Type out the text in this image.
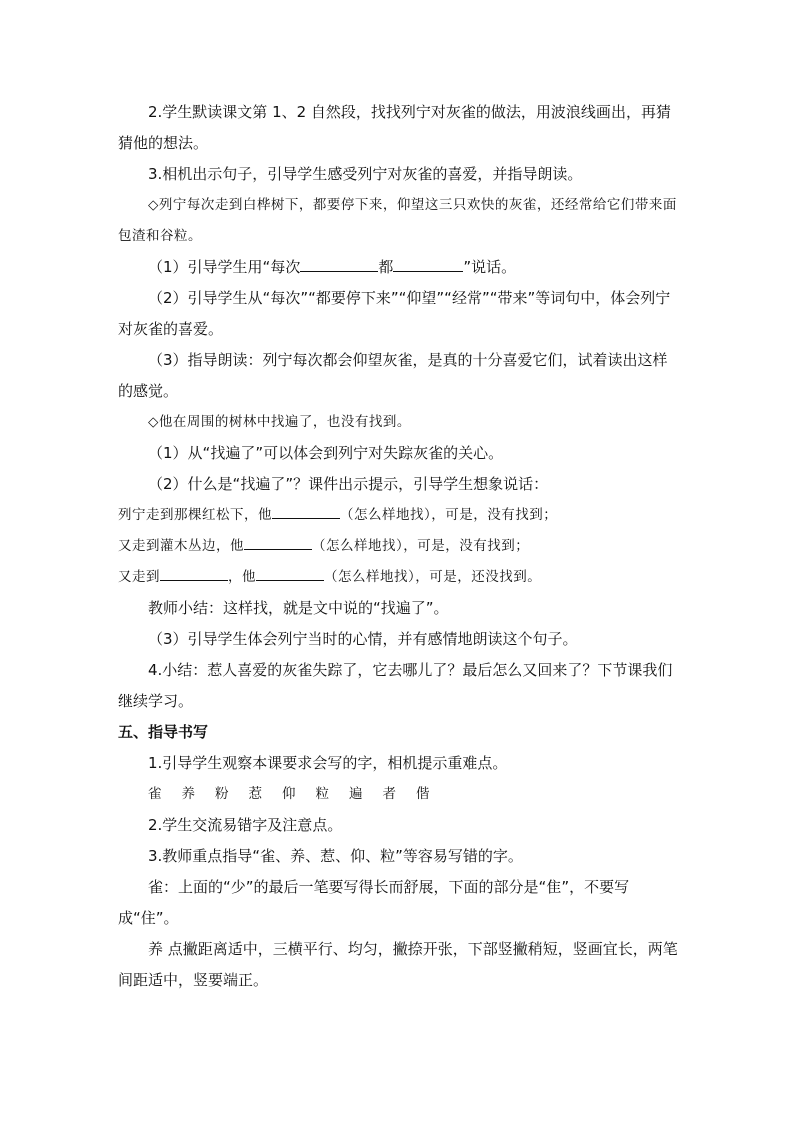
2.学生默读课文第 1、2 自然段，找找列宁对灰雀的做法，用波浪线画出，再猜猜他的想法。

3.相机出示句子，引导学生感受列宁对灰雀的喜爱，并指导朗读。

◇列宁每次走到白桦树下，都要停下来，仰望这三只欢快的灰雀，还经常给它们带来面包渣和谷粒。

（1）引导学生用“每次	都	”说话。

（2）引导学生从“每次”“都要停下来”“仰望”“经常”“带来”等词句中，体会列宁对灰雀的喜爱。

（3）指导朗读：列宁每次都会仰望灰雀，是真的十分喜爱它们，试着读出这样的感觉。

◇他在周围的树林中找遍了，也没有找到。

（1）从“找遍了”可以体会到列宁对失踪灰雀的关心。

（2）什么是“找遍了”？课件出示提示，引导学生想象说话：

列宁走到那棵红松下，他	（怎么样地找），可是，没有找到；

又走到灌木丛边，他	（怎么样地找），可是，没有找到；

又走到	，他	（怎么样地找），可是，还没找到。

教师小结：这样找，就是文中说的“找遍了”。

（3）引导学生体会列宁当时的心情，并有感情地朗读这个句子。

4.小结：惹人喜爱的灰雀失踪了，它去哪儿了？最后怎么又回来了？下节课我们继续学习。

五、指导书写

1.引导学生观察本课要求会写的字，相机提示重难点。

雀 养 粉 惹 仰 粒 遍 者 偕

2.学生交流易错字及注意点。

3.教师重点指导“雀、养、惹、仰、粒”等容易写错的字。

雀：上面的“少”的最后一笔要写得长而舒展，下面的部分是“隹”，不要写成“住”。

养 点撇距离适中，三横平行、均匀，撇捺开张，下部竖撇稍短，竖画宜长，两笔间距适中，竖要端正。
